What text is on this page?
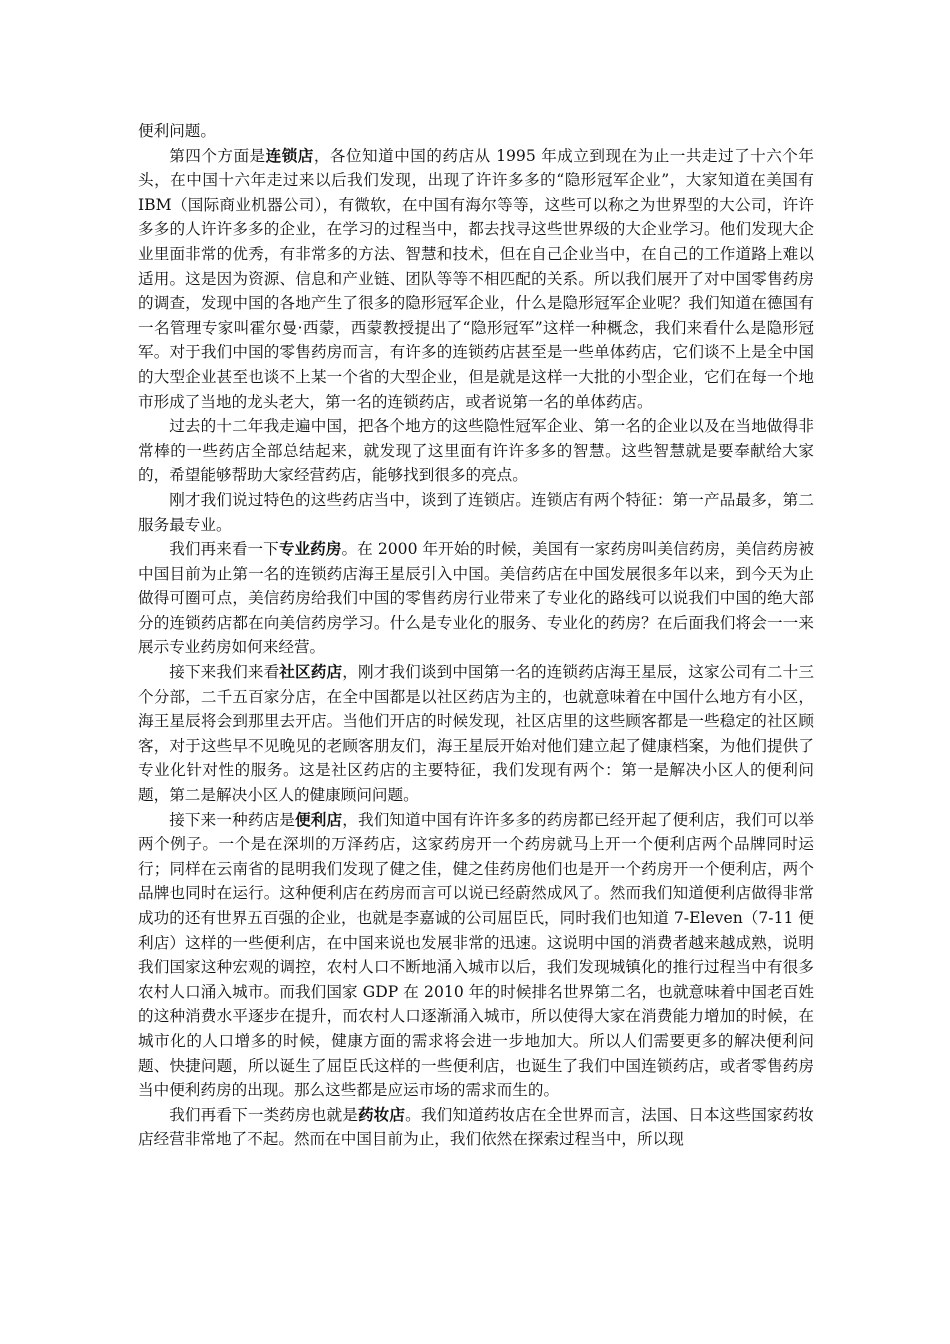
便利问题。

第四个方面是连锁店，各位知道中国的药店从 1995 年成立到现在为止一共走过了十六个年头，在中国十六年走过来以后我们发现，出现了许许多多的“隐形冠军企业”，大家知道在美国有 IBM（国际商业机器公司），有微软，在中国有海尔等等，这些可以称之为世界型的大公司，许许多多的人许许多多的企业，在学习的过程当中，都去找寻这些世界级的大企业学习。他们发现大企业里面非常的优秀，有非常多的方法、智慧和技术，但在自己企业当中，在自己的工作道路上难以适用。这是因为资源、信息和产业链、团队等等不相匹配的关系。所以我们展开了对中国零售药房的调查，发现中国的各地产生了很多的隐形冠军企业，什么是隐形冠军企业呢？我们知道在德国有一名管理专家叫霍尔曼·西蒙，西蒙教授提出了“隐形冠军”这样一种概念，我们来看什么是隐形冠军。对于我们中国的零售药房而言，有许多的连锁药店甚至是一些单体药店，它们谈不上是全中国的大型企业甚至也谈不上某一个省的大型企业，但是就是这样一大批的小型企业，它们在每一个地市形成了当地的龙头老大，第一名的连锁药店，或者说第一名的单体药店。

过去的十二年我走遍中国，把各个地方的这些隐性冠军企业、第一名的企业以及在当地做得非常棒的一些药店全部总结起来，就发现了这里面有许许多多的智慧。这些智慧就是要奉献给大家的，希望能够帮助大家经营药店，能够找到很多的亮点。

刚才我们说过特色的这些药店当中，谈到了连锁店。连锁店有两个特征：第一产品最多，第二服务最专业。

我们再来看一下专业药房。在 2000 年开始的时候，美国有一家药房叫美信药房，美信药房被中国目前为止第一名的连锁药店海王星辰引入中国。美信药店在中国发展很多年以来，到今天为止做得可圈可点，美信药房给我们中国的零售药房行业带来了专业化的路线可以说我们中国的绝大部分的连锁药店都在向美信药房学习。什么是专业化的服务、专业化的药房？在后面我们将会一一来展示专业药房如何来经营。

接下来我们来看社区药店，刚才我们谈到中国第一名的连锁药店海王星辰，这家公司有二十三个分部，二千五百家分店，在全中国都是以社区药店为主的，也就意味着在中国什么地方有小区，海王星辰将会到那里去开店。当他们开店的时候发现，社区店里的这些顾客都是一些稳定的社区顾客，对于这些早不见晚见的老顾客朋友们，海王星辰开始对他们建立起了健康档案，为他们提供了专业化针对性的服务。这是社区药店的主要特征，我们发现有两个：第一是解决小区人的便利问题，第二是解决小区人的健康顾问问题。

接下来一种药店是便利店，我们知道中国有许许多多的药房都已经开起了便利店，我们可以举两个例子。一个是在深圳的万泽药店，这家药房开一个药房就马上开一个便利店两个品牌同时运行；同样在云南省的昆明我们发现了健之佳，健之佳药房他们也是开一个药房开一个便利店，两个品牌也同时在运行。这种便利店在药房而言可以说已经蔚然成风了。然而我们知道便利店做得非常成功的还有世界五百强的企业，也就是李嘉诚的公司屈臣氏，同时我们也知道 7-Eleven（7-11 便利店）这样的一些便利店，在中国来说也发展非常的迅速。这说明中国的消费者越来越成熟，说明我们国家这种宏观的调控，农村人口不断地涌入城市以后，我们发现城镇化的推行过程当中有很多农村人口涌入城市。而我们国家 GDP 在 2010 年的时候排名世界第二名，也就意味着中国老百姓的这种消费水平逐步在提升，而农村人口逐渐涌入城市，所以使得大家在消费能力增加的时候，在城市化的人口增多的时候，健康方面的需求将会进一步地加大。所以人们需要更多的解决便利问题、快捷问题，所以诞生了屈臣氏这样的一些便利店，也诞生了我们中国连锁药店，或者零售药房当中便利药房的出现。那么这些都是应运市场的需求而生的。

我们再看下一类药房也就是药妆店。我们知道药妆店在全世界而言，法国、日本这些国家药妆店经营非常地了不起。然而在中国目前为止，我们依然在探索过程当中，所以现
